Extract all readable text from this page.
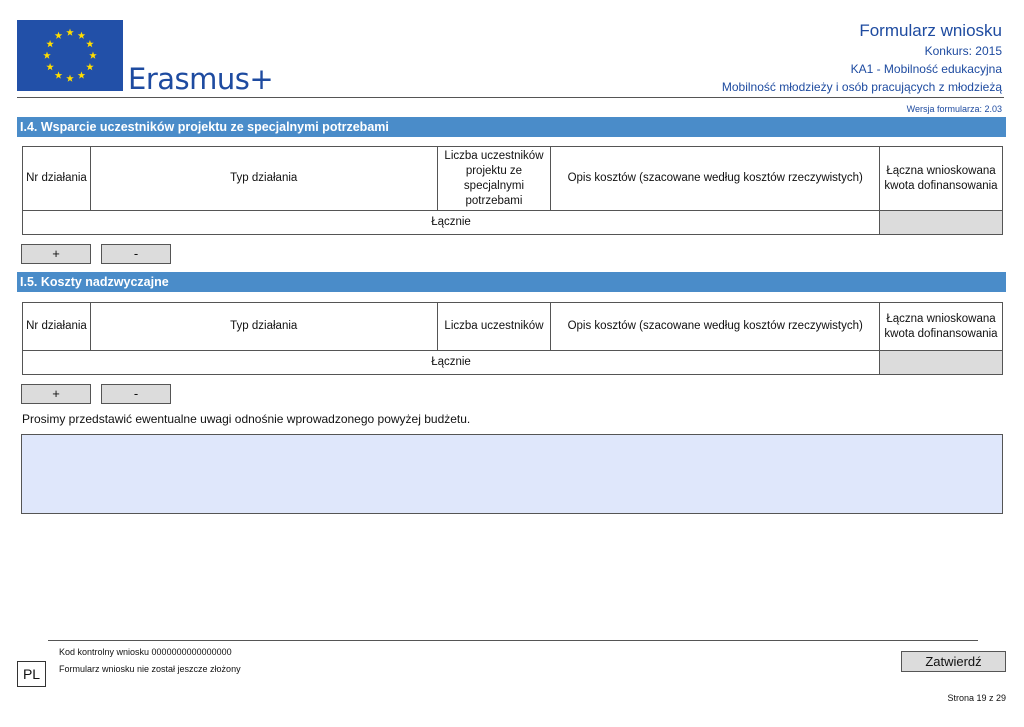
Erasmus+
Formularz wniosku
Konkurs: 2015
KA1 - Mobilność edukacyjna
Mobilność młodzieży i osób pracujących z młodzieżą
Wersja formularza: 2.03
I.4. Wsparcie uczestników projektu ze specjalnymi potrzebami
Nr działania	Typ działania	Liczba uczestników projektu ze specjalnymi potrzebami	Opis kosztów (szacowane według kosztów rzeczywistych)	Łączna wnioskowana kwota dofinansowania
Łącznie				
+	-
I.5. Koszty nadzwyczajne
Nr działania	Typ działania	Liczba uczestników	Opis kosztów (szacowane według kosztów rzeczywistych)	Łączna wnioskowana kwota dofinansowania
Łącznie				
+	-
Prosimy przedstawić ewentualne uwagi odnośnie wprowadzonego powyżej budżetu.
Kod kontrolny wniosku 0000000000000000
Formularz wniosku nie został jeszcze złożony
PL
Zatwierdź
Strona 19 z 29
